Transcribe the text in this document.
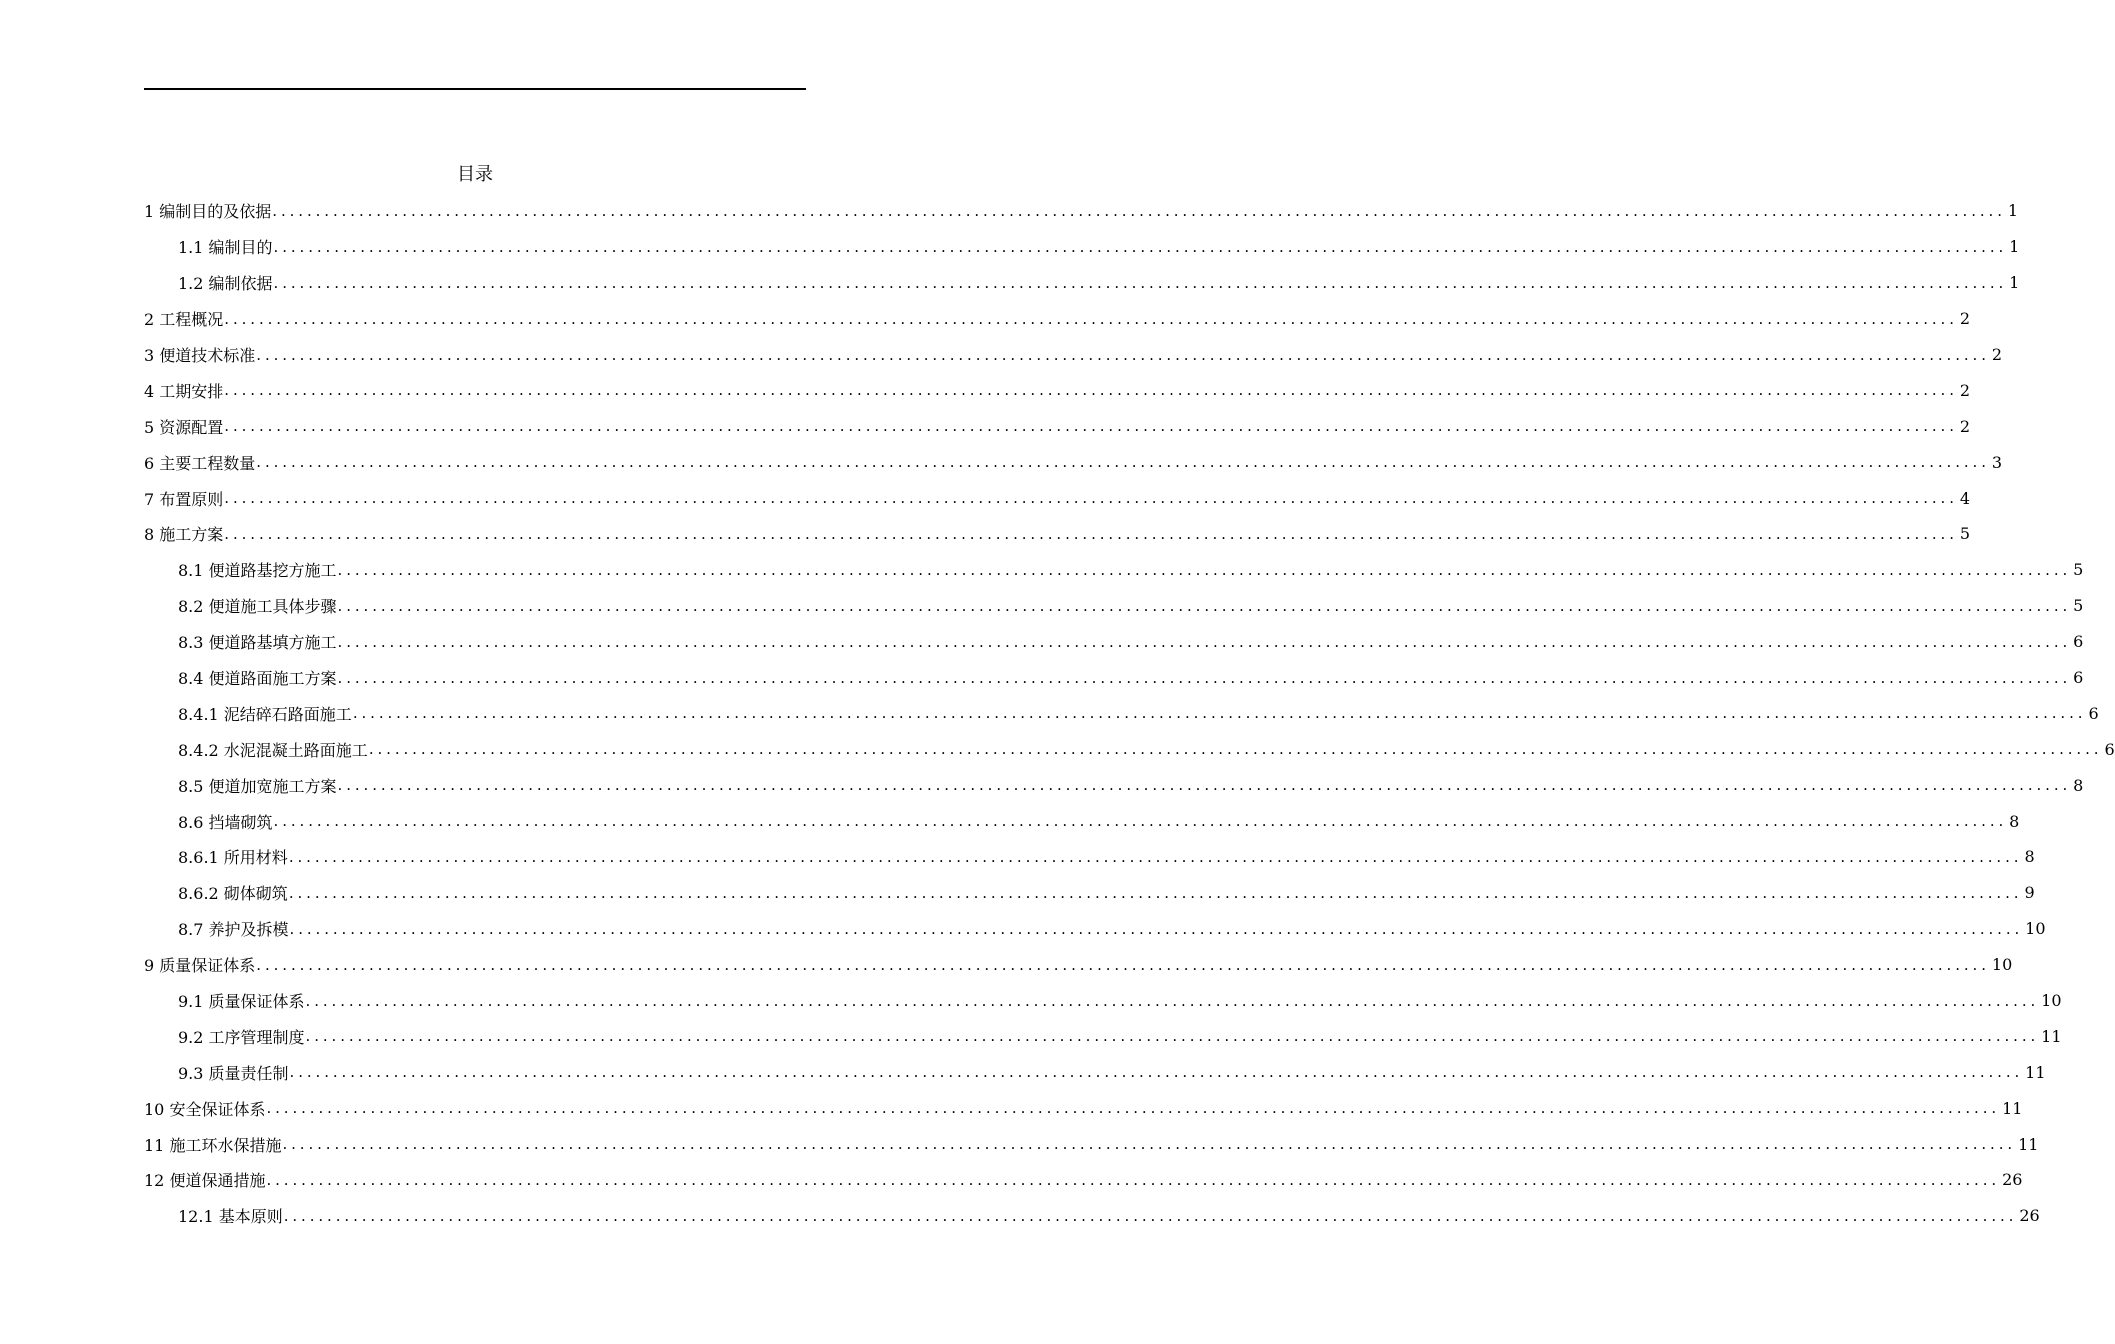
目录
1 编制目的及依据 ........................................................................................................................................................................................................ 1
1.1 编制目的 ........................................................................................................................................................................................................ 1
1.2 编制依据 ........................................................................................................................................................................................................ 1
2 工程概况 ........................................................................................................................................................................................................ 2
3 便道技术标准 ........................................................................................................................................................................................................ 2
4 工期安排 ........................................................................................................................................................................................................ 2
5 资源配置 ........................................................................................................................................................................................................ 2
6 主要工程数量 ........................................................................................................................................................................................................ 3
7 布置原则 ........................................................................................................................................................................................................ 4
8 施工方案 ........................................................................................................................................................................................................ 5
8.1 便道路基挖方施工 ........................................................................................................................................................................................................ 5
8.2 便道施工具体步骤 ........................................................................................................................................................................................................ 5
8.3 便道路基填方施工 ........................................................................................................................................................................................................ 6
8.4 便道路面施工方案 ........................................................................................................................................................................................................ 6
8.4.1 泥结碎石路面施工 ........................................................................................................................................................................................................ 6
8.4.2 水泥混凝土路面施工 ........................................................................................................................................................................................................ 6
8.5 便道加宽施工方案 ........................................................................................................................................................................................................ 8
8.6 挡墙砌筑 ........................................................................................................................................................................................................ 8
8.6.1 所用材料 ........................................................................................................................................................................................................ 8
8.6.2 砌体砌筑 ........................................................................................................................................................................................................ 9
8.7 养护及拆模 ........................................................................................................................................................................................................ 10
9 质量保证体系 ........................................................................................................................................................................................................ 10
9.1 质量保证体系 ........................................................................................................................................................................................................ 10
9.2 工序管理制度 ........................................................................................................................................................................................................ 11
9.3 质量责任制 ........................................................................................................................................................................................................ 11
10 安全保证体系 ........................................................................................................................................................................................................ 11
11 施工环水保措施 ........................................................................................................................................................................................................ 11
12 便道保通措施 ........................................................................................................................................................................................................ 26
12.1 基本原则 ........................................................................................................................................................................................................ 26
